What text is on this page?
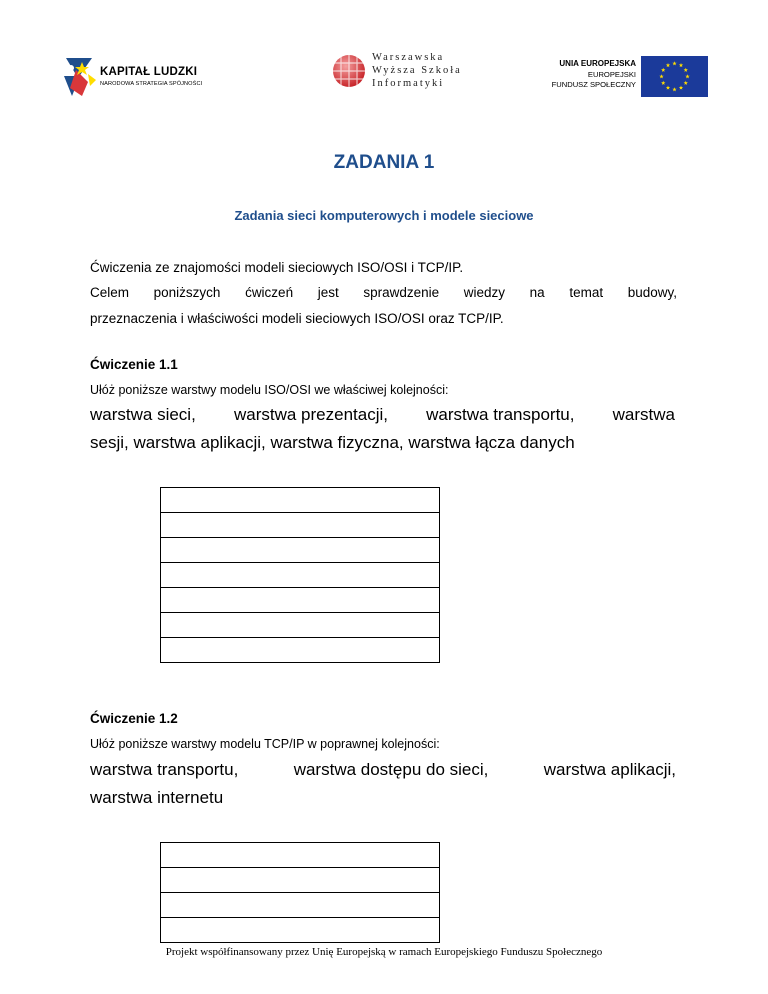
KAPITAŁ LUDZKI
NARODOWA STRATEGIA SPÓJNOŚCI
Warszawska
Wyższa Szkoła
Informatyki
UNIA EUROPEJSKA
EUROPEJSKI
FUNDUSZ SPOŁECZNY
ZADANIA 1
Zadania sieci komputerowych i modele sieciowe
Ćwiczenia ze znajomości modeli sieciowych ISO/OSI i TCP/IP.
Celem poniższych ćwiczeń jest sprawdzenie wiedzy na temat budowy,
przeznaczenia i właściwości modeli sieciowych ISO/OSI oraz TCP/IP.
Ćwiczenie 1.1
Ułóż poniższe warstwy modelu ISO/OSI we właściwej kolejności:
warstwa sieci, warstwa prezentacji, warstwa transportu, warstwa
sesji, warstwa aplikacji, warstwa fizyczna, warstwa łącza danych
Ćwiczenie 1.2
Ułóż poniższe warstwy modelu TCP/IP w poprawnej kolejności:
warstwa transportu,	warstwa dostępu do sieci,	warstwa aplikacji,
warstwa internetu
Projekt współfinansowany przez Unię Europejską w ramach Europejskiego Funduszu Społecznego
